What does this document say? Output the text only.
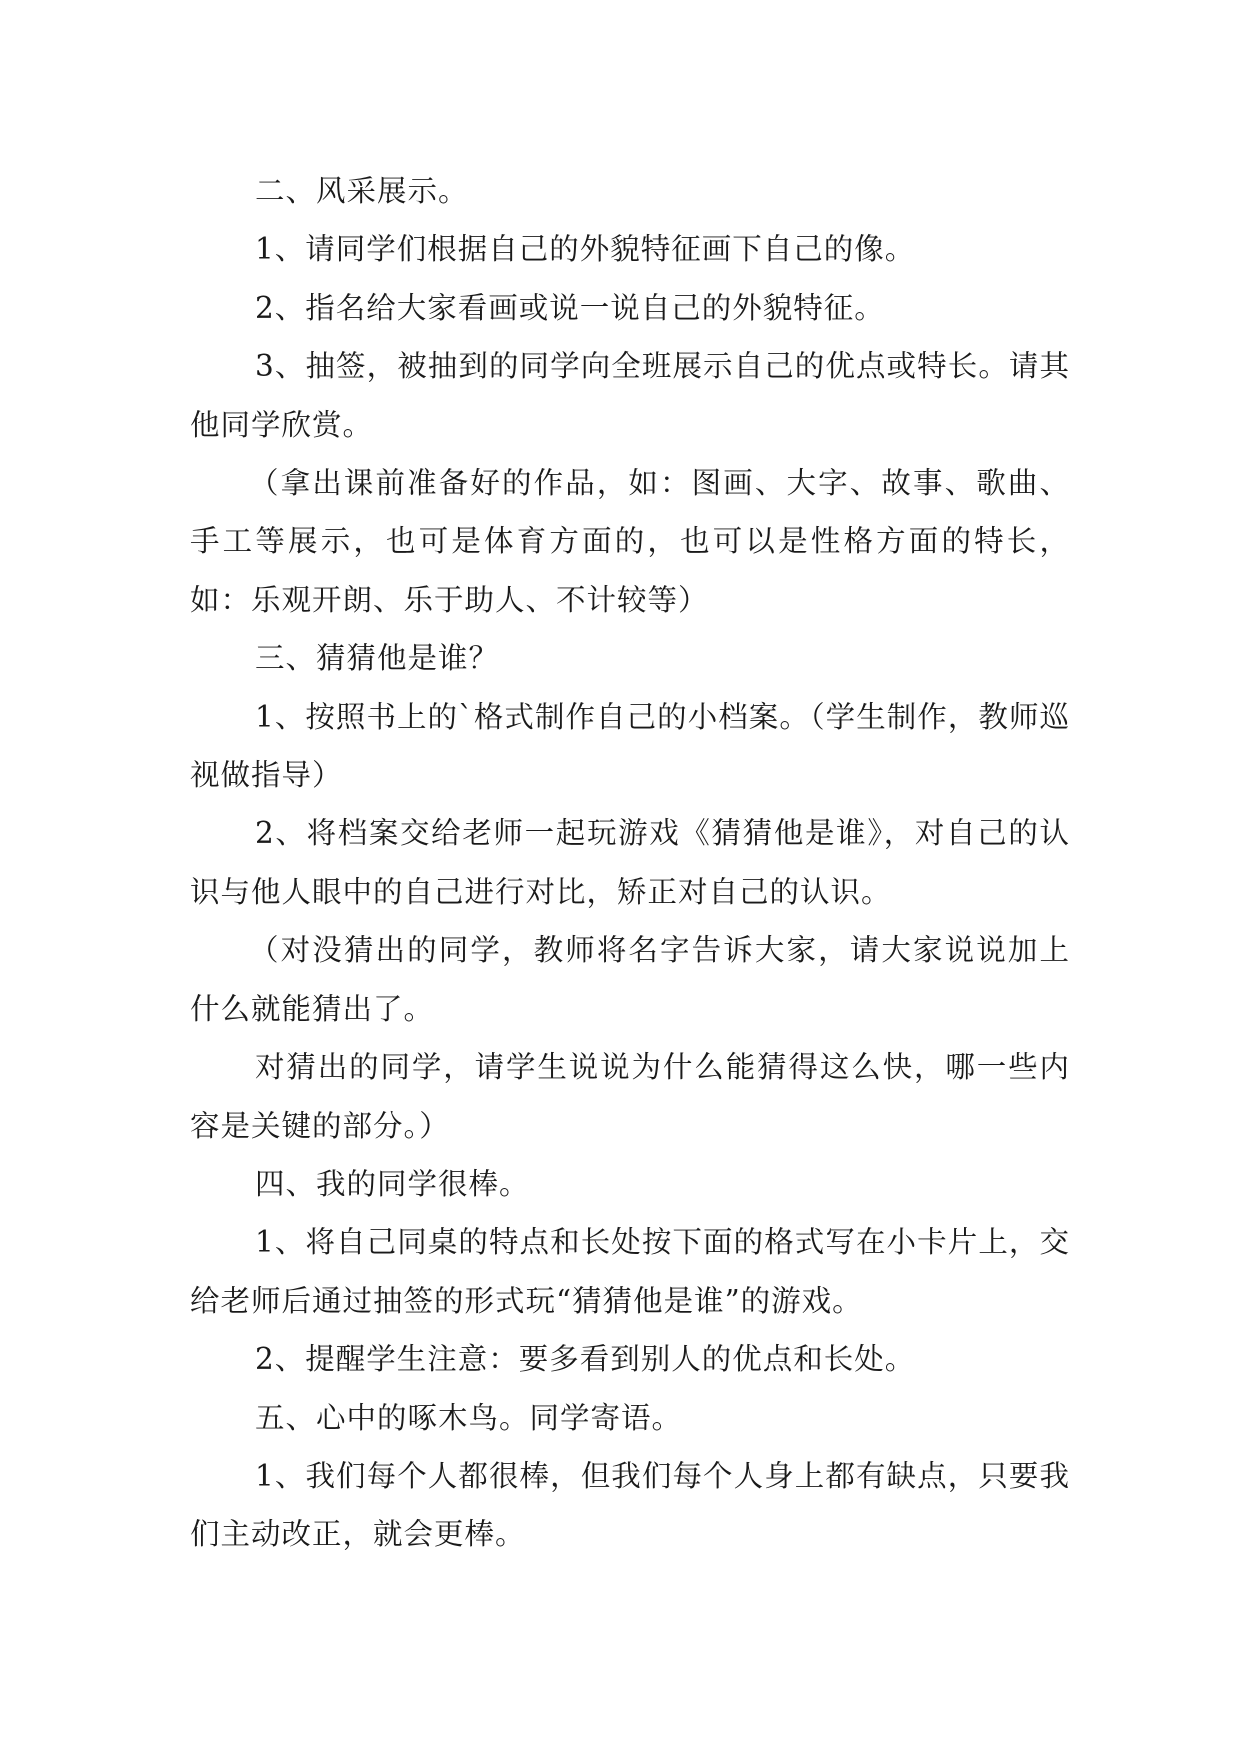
二、风采展示。

1、请同学们根据自己的外貌特征画下自己的像。

2、指名给大家看画或说一说自己的外貌特征。

3、抽签，被抽到的同学向全班展示自己的优点或特长。请其他同学欣赏。

（拿出课前准备好的作品，如：图画、大字、故事、歌曲、手工等展示，也可是体育方面的，也可以是性格方面的特长，如：乐观开朗、乐于助人、不计较等）

三、猜猜他是谁？

1、按照书上的`格式制作自己的小档案。（学生制作，教师巡视做指导）

2、将档案交给老师一起玩游戏《猜猜他是谁》，对自己的认识与他人眼中的自己进行对比，矫正对自己的认识。

（对没猜出的同学，教师将名字告诉大家，请大家说说加上什么就能猜出了。

对猜出的同学，请学生说说为什么能猜得这么快，哪一些内容是关键的部分。）

四、我的同学很棒。

1、将自己同桌的特点和长处按下面的格式写在小卡片上，交给老师后通过抽签的形式玩“猜猜他是谁”的游戏。

2、提醒学生注意：要多看到别人的优点和长处。

五、心中的啄木鸟。同学寄语。

1、我们每个人都很棒，但我们每个人身上都有缺点，只要我们主动改正，就会更棒。
